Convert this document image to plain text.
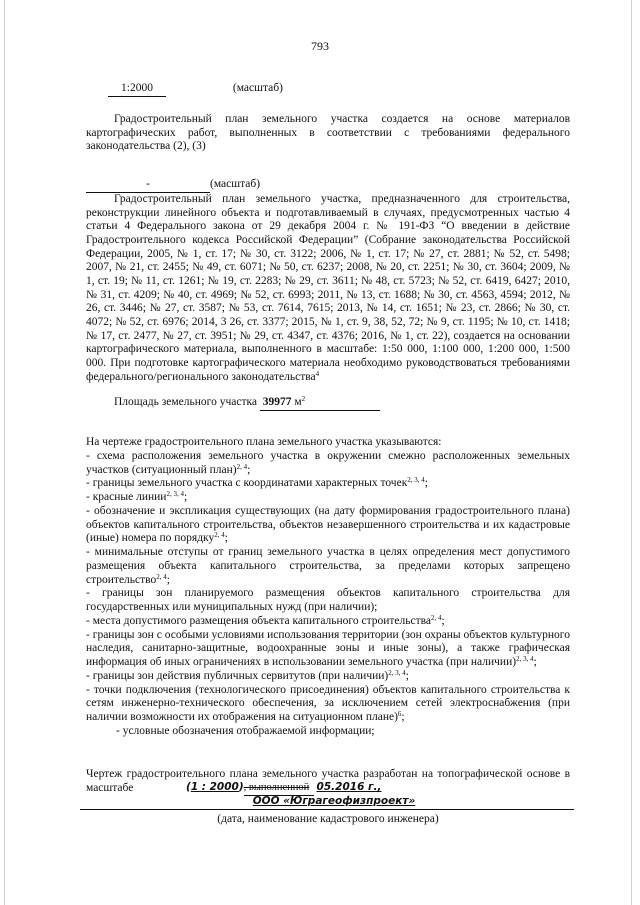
793
1:2000	(масштаб)
Градостроительный план земельного участка создается на основе материалов картографических работ, выполненных в соответствии с требованиями федерального законодательства (2), (3)
-	(масштаб)
Градостроительный план земельного участка, предназначенного для строительства, реконструкции линейного объекта и подготавливаемый в случаях, предусмотренных частью 4 статьи 4 Федерального закона от 29 декабря 2004 г. № 191-ФЗ “О введении в действие Градостроительного кодекса Российской Федерации” (Собрание законодательства Российской Федерации, 2005, № 1, ст. 17; № 30, ст. 3122; 2006, № 1, ст. 17; № 27, ст. 2881; № 52, ст. 5498; 2007, № 21, ст. 2455; № 49, ст. 6071; № 50, ст. 6237; 2008, № 20, ст. 2251; № 30, ст. 3604; 2009, № 1, ст. 19; № 11, ст. 1261; № 19, ст. 2283; № 29, ст. 3611; № 48, ст. 5723; № 52, ст. 6419, 6427; 2010, № 31, ст. 4209; № 40, ст. 4969; № 52, ст. 6993; 2011, № 13, ст. 1688; № 30, ст. 4563, 4594; 2012, № 26, ст. 3446; № 27, ст. 3587; № 53, ст. 7614, 7615; 2013, № 14, ст. 1651; № 23, ст. 2866; № 30, ст. 4072; № 52, ст. 6976; 2014, 3 26, ст. 3377; 2015, № 1, ст. 9, 38, 52, 72; № 9, ст. 1195; № 10, ст. 1418; № 17, ст. 2477, № 27, ст. 3951; № 29, ст. 4347, ст. 4376; 2016, № 1, ст. 22), создается на основании картографического материала, выполненного в масштабе: 1:50 000, 1:100 000, 1:200 000, 1:500 000. При подготовке картографического материала необходимо руководствоваться требованиями федерального/регионального законодательства$^4$
Площадь земельного участка 39977 $м^2$
На чертеже градостроительного плана земельного участка указываются:
- схема расположения земельного участка в окружении смежно расположенных земельных участков (ситуационный план)$^{2, 4}$;
- границы земельного участка с координатами характерных точек$^{2, 3, 4}$;
- красные линии$^{2, 3, 4}$;
- обозначение и экспликация существующих (на дату формирования градостроительного плана) объектов капитального строительства, объектов незавершенного строительства и их кадастровые (иные) номера по порядку$^{2, 4}$;
- минимальные отступы от границ земельного участка в целях определения мест допустимого размещения объекта капитального строительства, за пределами которых запрещено строительство$^{2, 4}$;
- границы зон планируемого размещения объектов капитального строительства для государственных или муниципальных нужд (при наличии);
- места допустимого размещения объекта капитального строительства$^{2, 4}$;
- границы зон с особыми условиями использования территории (зон охраны объектов культурного наследия, санитарно-защитные, водоохранные зоны и иные зоны), а также графическая информация об иных ограничениях в использовании земельного участка (при наличии)$^{2, 3, 4}$;
- границы зон действия публичных сервитутов (при наличии)$^{2, 3, 4}$;
- точки подключения (технологического присоединения) объектов капитального строительства к сетям инженерно-технического обеспечения, за исключением сетей электроснабжения (при наличии возможности их отображения на ситуационном плане)$^6$;
- условные обозначения отображаемой информации;
Чертеж градостроительного плана земельного участка разработан на топографической основе в масштабе	(1 : 2000), выполненной 05.2016 г.,
ООО «Юграгеофизпроект»
(дата, наименование кадастрового инженера)
